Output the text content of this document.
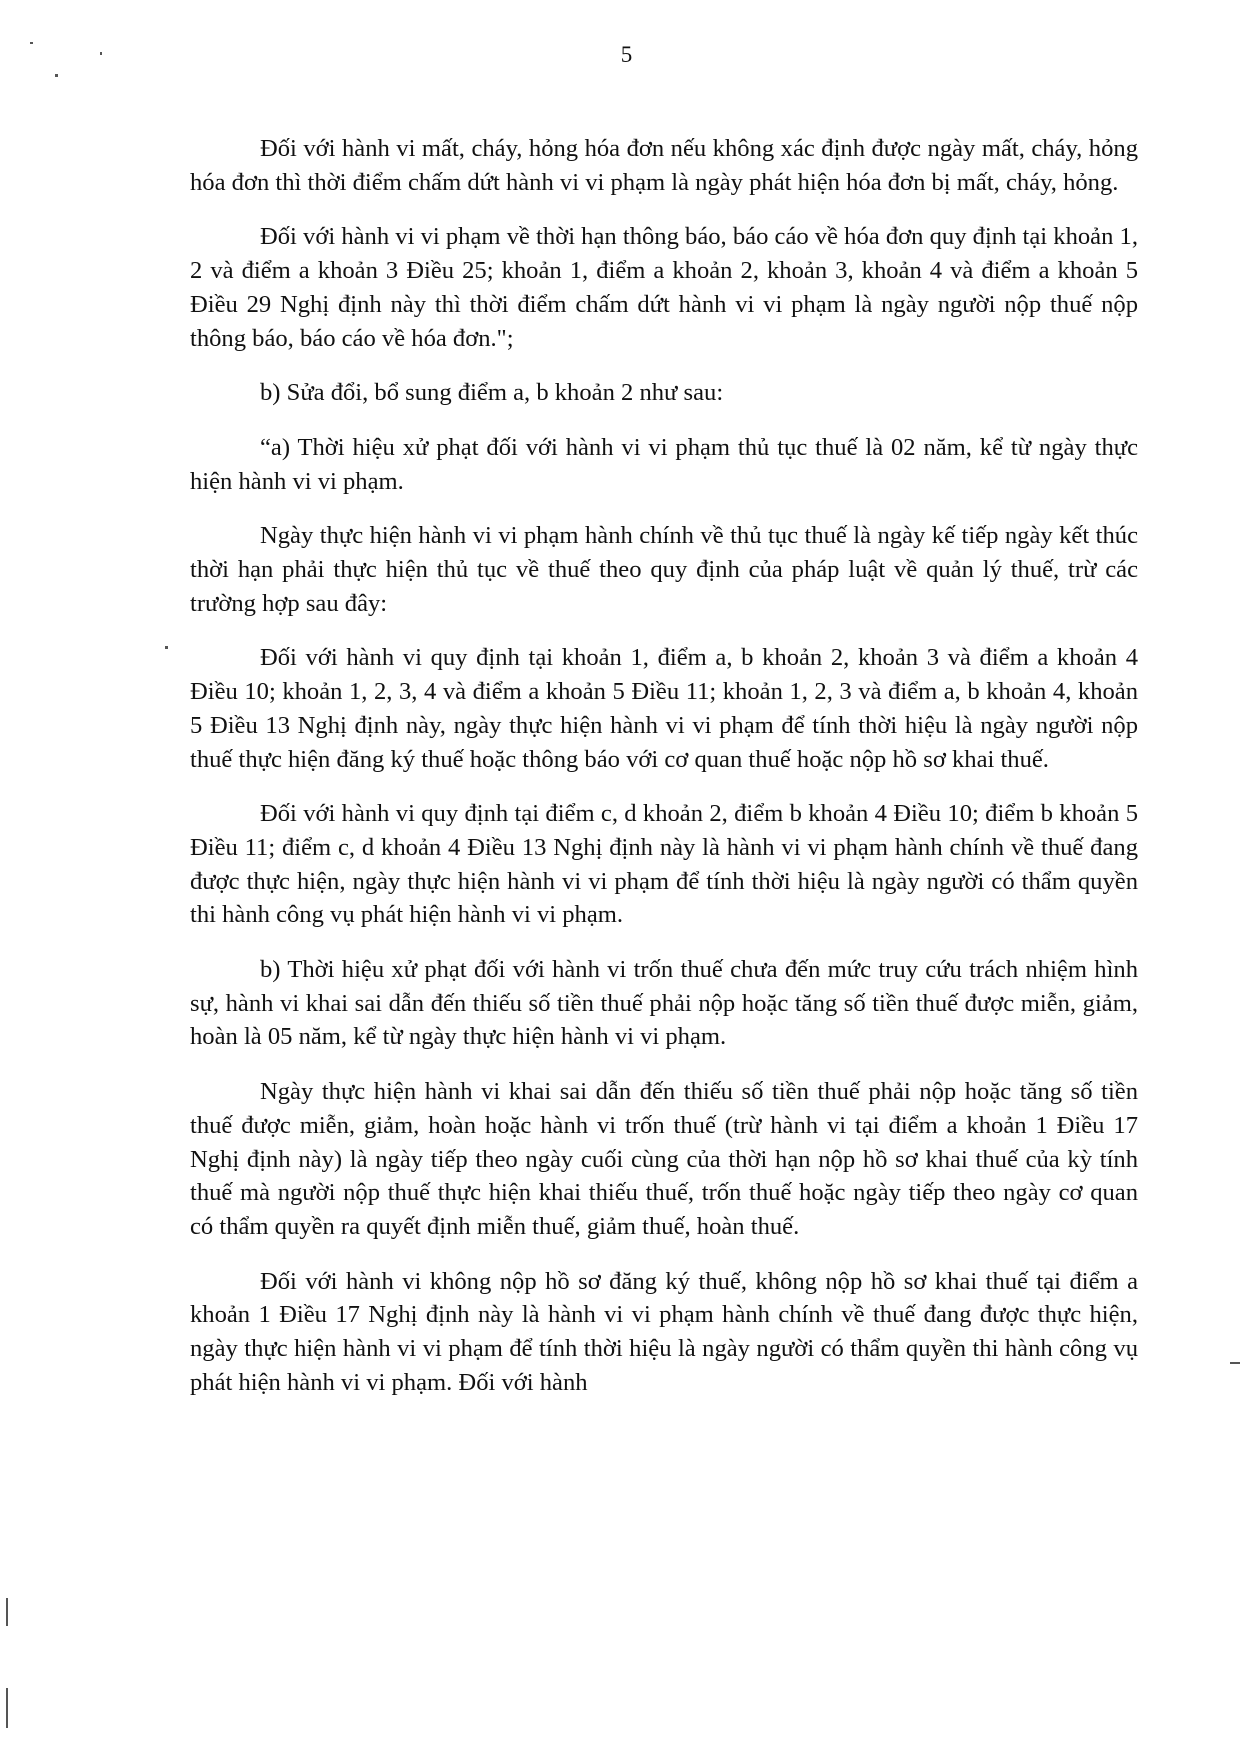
5

Đối với hành vi mất, cháy, hỏng hóa đơn nếu không xác định được ngày mất, cháy, hỏng hóa đơn thì thời điểm chấm dứt hành vi vi phạm là ngày phát hiện hóa đơn bị mất, cháy, hỏng.

Đối với hành vi vi phạm về thời hạn thông báo, báo cáo về hóa đơn quy định tại khoản 1, 2 và điểm a khoản 3 Điều 25; khoản 1, điểm a khoản 2, khoản 3, khoản 4 và điểm a khoản 5 Điều 29 Nghị định này thì thời điểm chấm dứt hành vi vi phạm là ngày người nộp thuế nộp thông báo, báo cáo về hóa đơn.";

b) Sửa đổi, bổ sung điểm a, b khoản 2 như sau:

“a) Thời hiệu xử phạt đối với hành vi vi phạm thủ tục thuế là 02 năm, kể từ ngày thực hiện hành vi vi phạm.

Ngày thực hiện hành vi vi phạm hành chính về thủ tục thuế là ngày kế tiếp ngày kết thúc thời hạn phải thực hiện thủ tục về thuế theo quy định của pháp luật về quản lý thuế, trừ các trường hợp sau đây:

Đối với hành vi quy định tại khoản 1, điểm a, b khoản 2, khoản 3 và điểm a khoản 4 Điều 10; khoản 1, 2, 3, 4 và điểm a khoản 5 Điều 11; khoản 1, 2, 3 và điểm a, b khoản 4, khoản 5 Điều 13 Nghị định này, ngày thực hiện hành vi vi phạm để tính thời hiệu là ngày người nộp thuế thực hiện đăng ký thuế hoặc thông báo với cơ quan thuế hoặc nộp hồ sơ khai thuế.

Đối với hành vi quy định tại điểm c, d khoản 2, điểm b khoản 4 Điều 10; điểm b khoản 5 Điều 11; điểm c, d khoản 4 Điều 13 Nghị định này là hành vi vi phạm hành chính về thuế đang được thực hiện, ngày thực hiện hành vi vi phạm để tính thời hiệu là ngày người có thẩm quyền thi hành công vụ phát hiện hành vi vi phạm.

b) Thời hiệu xử phạt đối với hành vi trốn thuế chưa đến mức truy cứu trách nhiệm hình sự, hành vi khai sai dẫn đến thiếu số tiền thuế phải nộp hoặc tăng số tiền thuế được miễn, giảm, hoàn là 05 năm, kể từ ngày thực hiện hành vi vi phạm.

Ngày thực hiện hành vi khai sai dẫn đến thiếu số tiền thuế phải nộp hoặc tăng số tiền thuế được miễn, giảm, hoàn hoặc hành vi trốn thuế (trừ hành vi tại điểm a khoản 1 Điều 17 Nghị định này) là ngày tiếp theo ngày cuối cùng của thời hạn nộp hồ sơ khai thuế của kỳ tính thuế mà người nộp thuế thực hiện khai thiếu thuế, trốn thuế hoặc ngày tiếp theo ngày cơ quan có thẩm quyền ra quyết định miễn thuế, giảm thuế, hoàn thuế.

Đối với hành vi không nộp hồ sơ đăng ký thuế, không nộp hồ sơ khai thuế tại điểm a khoản 1 Điều 17 Nghị định này là hành vi vi phạm hành chính về thuế đang được thực hiện, ngày thực hiện hành vi vi phạm để tính thời hiệu là ngày người có thẩm quyền thi hành công vụ phát hiện hành vi vi phạm. Đối với hành
